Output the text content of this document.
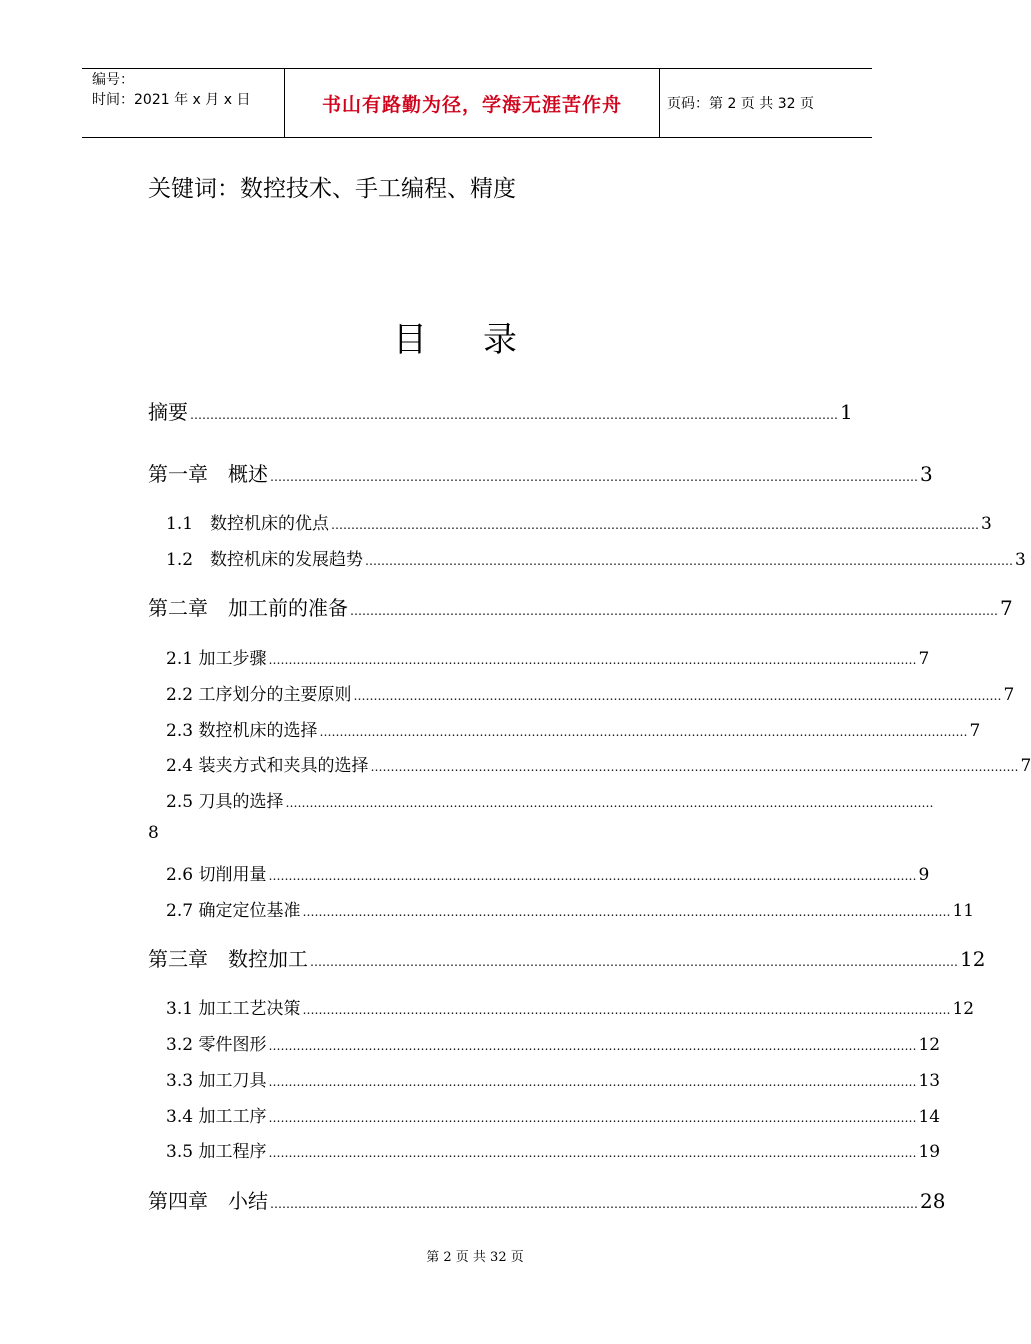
编号：
时间：2021 年 x 月 x 日	书山有路勤为径，学海无涯苦作舟	页码：第 2 页 共 32 页
关键词：数控技术、手工编程、精度
目 录
摘要 ……………………………………………………………………………………………………………………………………………… 1
第一章　概述 ……………………………………………………………………………………………………………………………………………… 3
1.1　数控机床的优点 ……………………………………………………………………………………………………………………………………………… 3
1.2　数控机床的发展趋势 ……………………………………………………………………………………………………………………………………………… 3
第二章　加工前的准备 ……………………………………………………………………………………………………………………………………………… 7
2.1 加工步骤 ……………………………………………………………………………………………………………………………………………… 7
2.2 工序划分的主要原则 ……………………………………………………………………………………………………………………………………………… 7
2.3 数控机床的选择 ……………………………………………………………………………………………………………………………………………… 7
2.4 装夹方式和夹具的选择 ……………………………………………………………………………………………………………………………………………… 7
2.5 刀具的选择 ………………………………………………………………………………………………………………………………………………
8
2.6 切削用量 ……………………………………………………………………………………………………………………………………………… 9
2.7 确定定位基准 ……………………………………………………………………………………………………………………………………………… 11
第三章　数控加工 ……………………………………………………………………………………………………………………………………………… 12
3.1 加工工艺决策 ……………………………………………………………………………………………………………………………………………… 12
3.2 零件图形 ……………………………………………………………………………………………………………………………………………… 12
3.3 加工刀具 ……………………………………………………………………………………………………………………………………………… 13
3.4 加工工序 ……………………………………………………………………………………………………………………………………………… 14
3.5 加工程序 ……………………………………………………………………………………………………………………………………………… 19
第四章　小结 ……………………………………………………………………………………………………………………………………………… 28
第 2 页 共 32 页
